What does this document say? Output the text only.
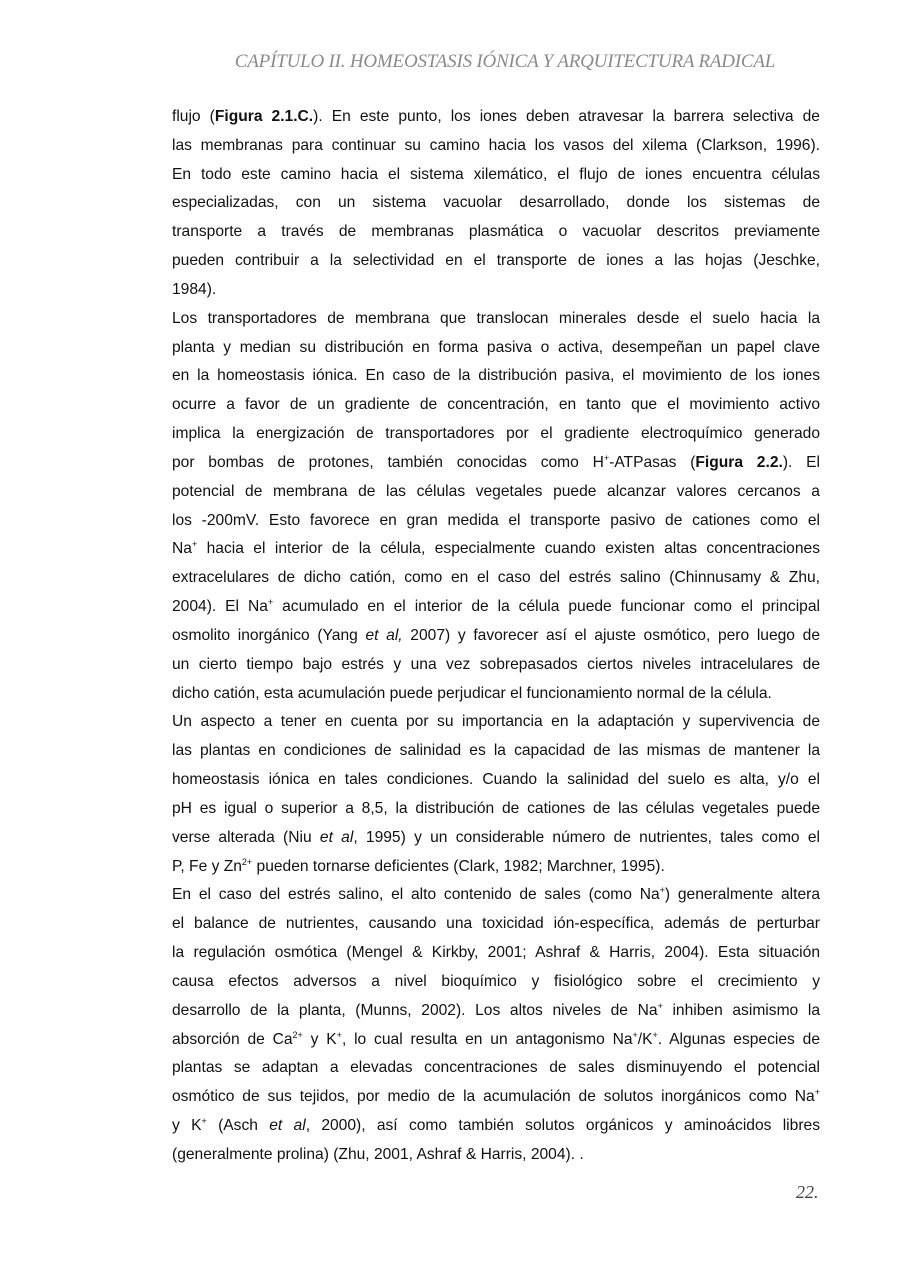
CAPÍTULO II. HOMEOSTASIS IÓNICA Y ARQUITECTURA RADICAL
flujo (Figura 2.1.C.). En este punto, los iones deben atravesar la barrera selectiva de
las membranas para continuar su camino hacia los vasos del xilema (Clarkson, 1996).
En todo este camino hacia el sistema xilemático, el flujo de iones encuentra células
especializadas, con un sistema vacuolar desarrollado, donde los sistemas de
transporte a través de membranas plasmática o vacuolar descritos previamente
pueden contribuir a la selectividad en el transporte de iones a las hojas (Jeschke,
1984).
Los transportadores de membrana que translocan minerales desde el suelo hacia la
planta y median su distribución en forma pasiva o activa, desempeñan un papel clave
en la homeostasis iónica. En caso de la distribución pasiva, el movimiento de los iones
ocurre a favor de un gradiente de concentración, en tanto que el movimiento activo
implica la energización de transportadores por el gradiente electroquímico generado
por bombas de protones, también conocidas como H+-ATPasas (Figura 2.2.). El
potencial de membrana de las células vegetales puede alcanzar valores cercanos a
los -200mV. Esto favorece en gran medida el transporte pasivo de cationes como el
Na+ hacia el interior de la célula, especialmente cuando existen altas concentraciones
extracelulares de dicho catión, como en el caso del estrés salino (Chinnusamy & Zhu,
2004). El Na+ acumulado en el interior de la célula puede funcionar como el principal
osmolito inorgánico (Yang et al, 2007) y favorecer así el ajuste osmótico, pero luego de
un cierto tiempo bajo estrés y una vez sobrepasados ciertos niveles intracelulares de
dicho catión, esta acumulación puede perjudicar el funcionamiento normal de la célula.
Un aspecto a tener en cuenta por su importancia en la adaptación y supervivencia de
las plantas en condiciones de salinidad es la capacidad de las mismas de mantener la
homeostasis iónica en tales condiciones. Cuando la salinidad del suelo es alta, y/o el
pH es igual o superior a 8,5, la distribución de cationes de las células vegetales puede
verse alterada (Niu et al, 1995) y un considerable número de nutrientes, tales como el
P, Fe y $Zn^{2+}$ pueden tornarse deficientes (Clark, 1982; Marchner, 1995).
En el caso del estrés salino, el alto contenido de sales (como Na+) generalmente altera
el balance de nutrientes, causando una toxicidad ión-específica, además de perturbar
la regulación osmótica (Mengel & Kirkby, 2001; Ashraf & Harris, 2004). Esta situación
causa efectos adversos a nivel bioquímico y fisiológico sobre el crecimiento y
desarrollo de la planta, (Munns, 2002). Los altos niveles de Na+ inhiben asimismo la
absorción de $Ca^{2+}$ y K+, lo cual resulta en un antagonismo Na+/K+. Algunas especies de
plantas se adaptan a elevadas concentraciones de sales disminuyendo el potencial
osmótico de sus tejidos, por medio de la acumulación de solutos inorgánicos como Na+
y K+ (Asch et al, 2000), así como también solutos orgánicos y aminoácidos libres
(generalmente prolina) (Zhu, 2001, Ashraf & Harris, 2004). .
22.
